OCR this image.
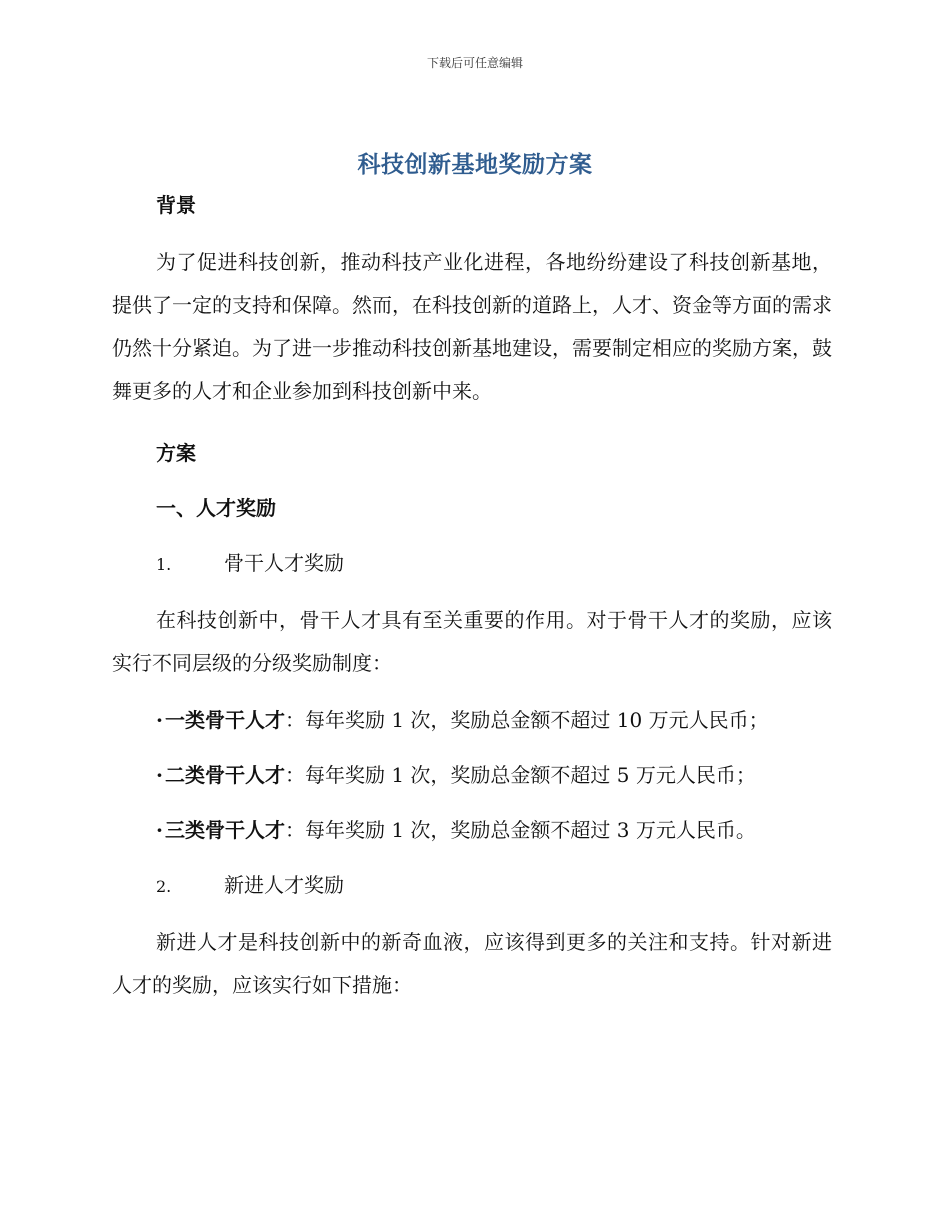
下载后可任意编辑
科技创新基地奖励方案
背景

为了促进科技创新，推动科技产业化进程，各地纷纷建设了科技创新基地，提供了一定的支持和保障。然而，在科技创新的道路上，人才、资金等方面的需求仍然十分紧迫。为了进一步推动科技创新基地建设，需要制定相应的奖励方案，鼓舞更多的人才和企业参加到科技创新中来。

方案
一、人才奖励
1.	骨干人才奖励

在科技创新中，骨干人才具有至关重要的作用。对于骨干人才的奖励，应该实行不同层级的分级奖励制度：

· 一类骨干人才：每年奖励 1 次，奖励总金额不超过 10 万元人民币；
· 二类骨干人才：每年奖励 1 次，奖励总金额不超过 5 万元人民币；
· 三类骨干人才：每年奖励 1 次，奖励总金额不超过 3 万元人民币。
2.	新进人才奖励

新进人才是科技创新中的新奇血液，应该得到更多的关注和支持。针对新进人才的奖励，应该实行如下措施：
